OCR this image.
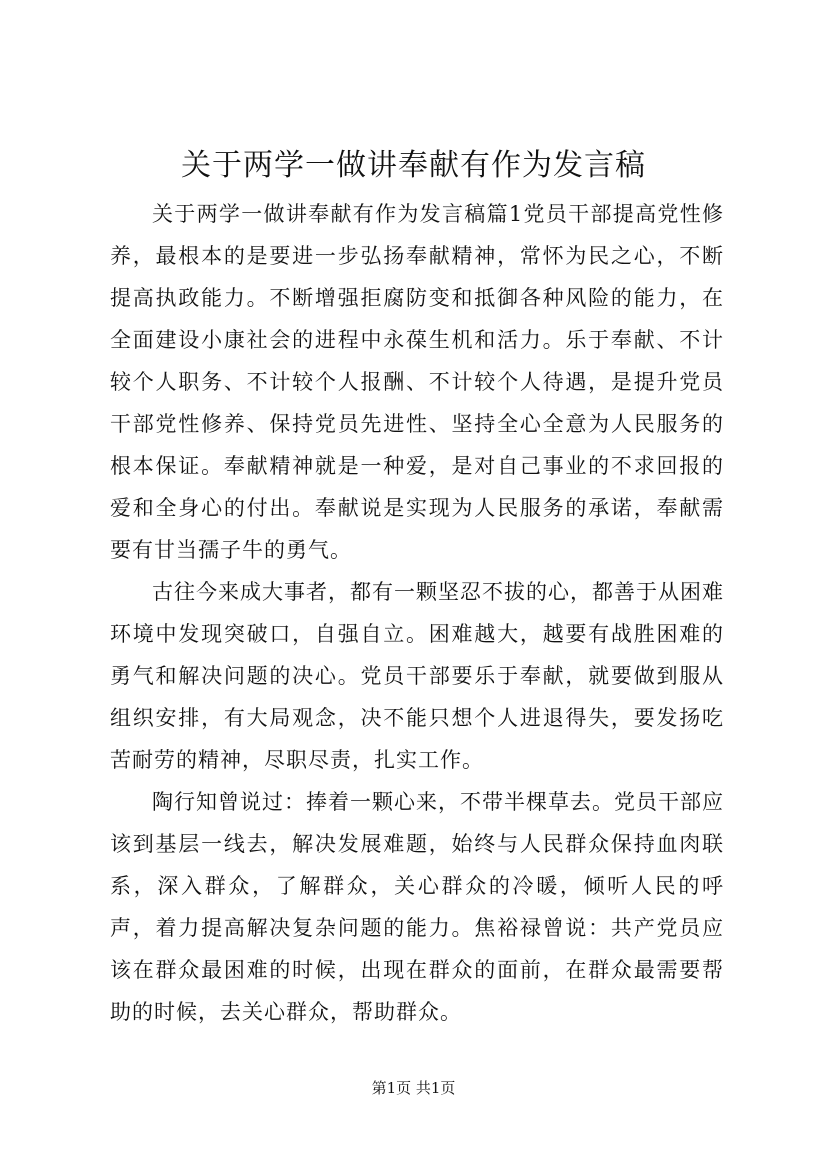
关于两学一做讲奉献有作为发言稿

关于两学一做讲奉献有作为发言稿篇1党员干部提高党性修养，最根本的是要进一步弘扬奉献精神，常怀为民之心，不断提高执政能力。不断增强拒腐防变和抵御各种风险的能力，在全面建设小康社会的进程中永葆生机和活力。乐于奉献、不计较个人职务、不计较个人报酬、不计较个人待遇，是提升党员干部党性修养、保持党员先进性、坚持全心全意为人民服务的根本保证。奉献精神就是一种爱，是对自己事业的不求回报的爱和全身心的付出。奉献说是实现为人民服务的承诺，奉献需要有甘当孺子牛的勇气。

古往今来成大事者，都有一颗坚忍不拔的心，都善于从困难环境中发现突破口，自强自立。困难越大，越要有战胜困难的勇气和解决问题的决心。党员干部要乐于奉献，就要做到服从组织安排，有大局观念，决不能只想个人进退得失，要发扬吃苦耐劳的精神，尽职尽责，扎实工作。

陶行知曾说过：捧着一颗心来，不带半棵草去。党员干部应该到基层一线去，解决发展难题，始终与人民群众保持血肉联系，深入群众，了解群众，关心群众的冷暖，倾听人民的呼声，着力提高解决复杂问题的能力。焦裕禄曾说：共产党员应该在群众最困难的时候，出现在群众的面前，在群众最需要帮助的时候，去关心群众，帮助群众。

第1页 共1页
